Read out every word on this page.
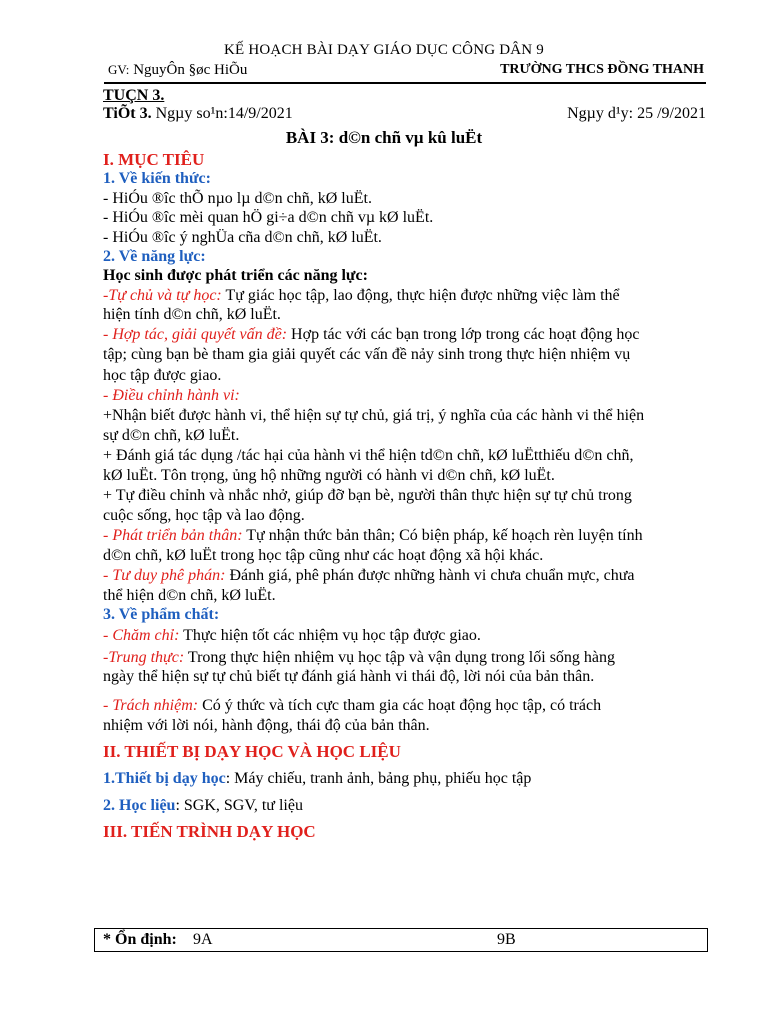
KẾ HOẠCH BÀI DẠY GIÁO DỤC CÔNG DÂN 9
GV: NguyÔn §øc HiÕu	TRƯỜNG THCS ĐỒNG THANH
TUÇN 3.
TiÕt 3. Ngµy so¹n:14/9/2021	Ngµy d¹y: 25 /9/2021
BÀI 3: d©n chñ vµ kû luËt
I. MỤC TIÊU
1. Về kiến thức:
- HiÓu ®îc thÕ nµo lµ d©n chñ, kØ luËt.
- HiÓu ®îc mèi quan hÖ gi÷a d©n chñ vµ kØ luËt.
- HiÓu ®îc ý nghÜa cña d©n chñ, kØ luËt.
2. Về năng lực:
Học sinh được phát triển các năng lực:
-Tự chủ và tự học: Tự giác học tập, lao động, thực hiện được những việc làm thể
hiện tính d©n chñ, kØ luËt.
- Hợp tác, giải quyết vấn đề: Hợp tác với các bạn trong lớp trong các hoạt động học
tập; cùng bạn bè tham gia giải quyết các vấn đề nảy sinh trong thực hiện nhiệm vụ
học tập được giao.
- Điều chỉnh hành vi:
+Nhận biết được hành vi, thể hiện sự tự chủ, giá trị, ý nghĩa của các hành vi thể hiện
sự d©n chñ, kØ luËt.
+ Đánh giá tác dụng /tác hại của hành vi thể hiện td©n chñ, kØ luËtthiếu d©n chñ,
kØ luËt. Tôn trọng, ủng hộ những người có hành vi d©n chñ, kØ luËt.
+ Tự điều chỉnh và nhắc nhở, giúp đỡ bạn bè, người thân thực hiện sự tự chủ trong
cuộc sống, học tập và lao động.
- Phát triển bản thân: Tự nhận thức bản thân; Có biện pháp, kế hoạch rèn luyện tính
d©n chñ, kØ luËt trong học tập cũng như các hoạt động xã hội khác.
- Tư duy phê phán: Đánh giá, phê phán được những hành vi chưa chuẩn mực, chưa
thể hiện d©n chñ, kØ luËt.
3. Về phẩm chất:
- Chăm chỉ: Thực hiện tốt các nhiệm vụ học tập được giao.
-Trung thực: Trong thực hiện nhiệm vụ học tập và vận dụng trong lối sống hàng
ngày thể hiện sự tự chủ biết tự đánh giá hành vi thái độ, lời nói của bản thân.
- Trách nhiệm: Có ý thức và tích cực tham gia các hoạt động học tập, có trách
nhiệm với lời nói, hành động, thái độ của bản thân.
II. THIẾT BỊ DẠY HỌC VÀ HỌC LIỆU
1.Thiết bị dạy học: Máy chiếu, tranh ảnh, bảng phụ, phiếu học tập
2. Học liệu: SGK, SGV, tư liệu
III. TIẾN TRÌNH DẠY HỌC
* Ổn định: 9A	9B
